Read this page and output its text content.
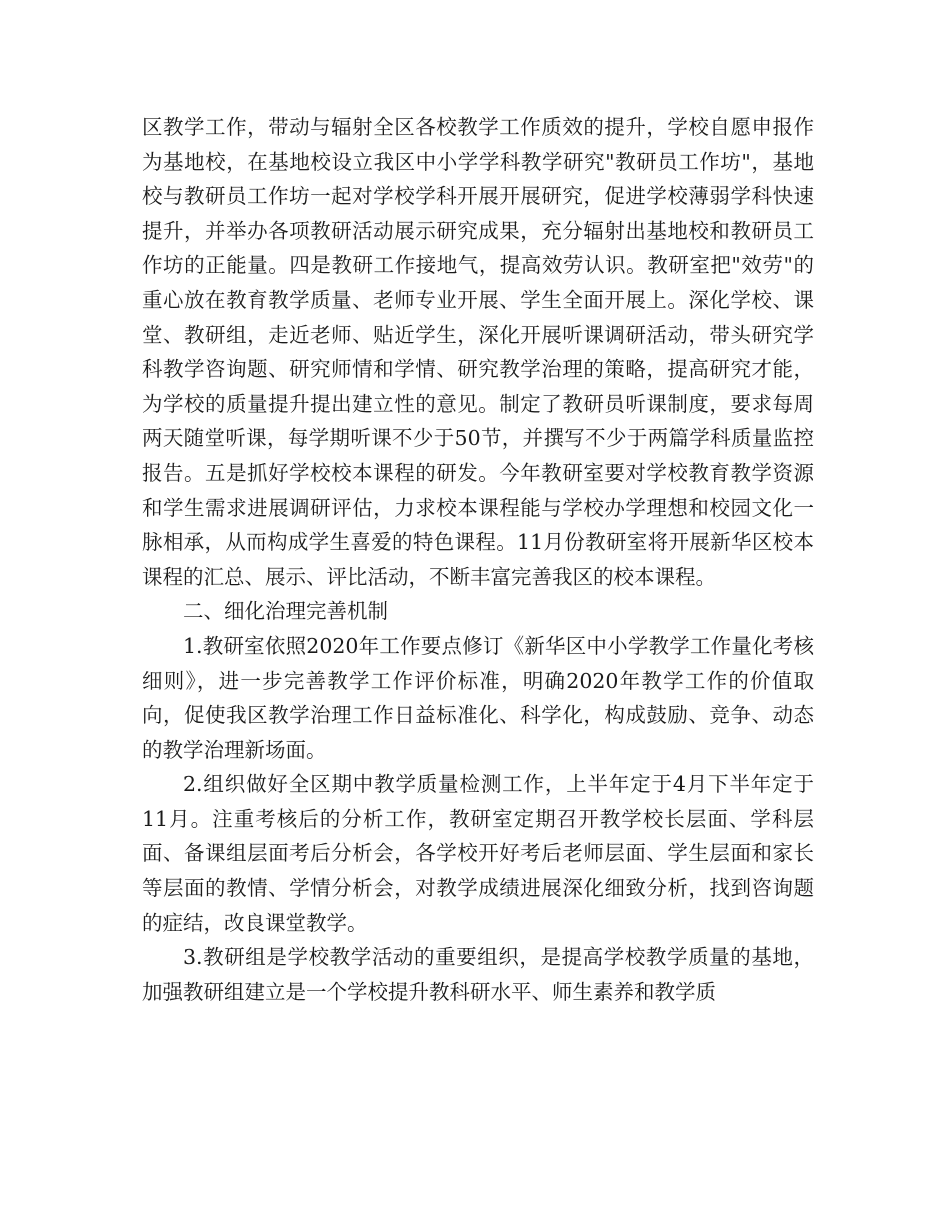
区教学工作，带动与辐射全区各校教学工作质效的提升，学校自愿申报作为基地校，在基地校设立我区中小学学科教学研究"教研员工作坊"，基地校与教研员工作坊一起对学校学科开展开展研究，促进学校薄弱学科快速提升，并举办各项教研活动展示研究成果，充分辐射出基地校和教研员工作坊的正能量。四是教研工作接地气，提高效劳认识。教研室把"效劳"的重心放在教育教学质量、老师专业开展、学生全面开展上。深化学校、课堂、教研组，走近老师、贴近学生，深化开展听课调研活动，带头研究学科教学咨询题、研究师情和学情、研究教学治理的策略，提高研究才能，为学校的质量提升提出建立性的意见。制定了教研员听课制度，要求每周两天随堂听课，每学期听课不少于50节，并撰写不少于两篇学科质量监控报告。五是抓好学校校本课程的研发。今年教研室要对学校教育教学资源和学生需求进展调研评估，力求校本课程能与学校办学理想和校园文化一脉相承，从而构成学生喜爱的特色课程。11月份教研室将开展新华区校本课程的汇总、展示、评比活动，不断丰富完善我区的校本课程。

二、细化治理完善机制

1.教研室依照2020年工作要点修订《新华区中小学教学工作量化考核细则》，进一步完善教学工作评价标准，明确2020年教学工作的价值取向，促使我区教学治理工作日益标准化、科学化，构成鼓励、竞争、动态的教学治理新场面。

2.组织做好全区期中教学质量检测工作，上半年定于4月下半年定于11月。注重考核后的分析工作，教研室定期召开教学校长层面、学科层面、备课组层面考后分析会，各学校开好考后老师层面、学生层面和家长等层面的教情、学情分析会，对教学成绩进展深化细致分析，找到咨询题的症结，改良课堂教学。

3.教研组是学校教学活动的重要组织，是提高学校教学质量的基地，加强教研组建立是一个学校提升教科研水平、师生素养和教学质
